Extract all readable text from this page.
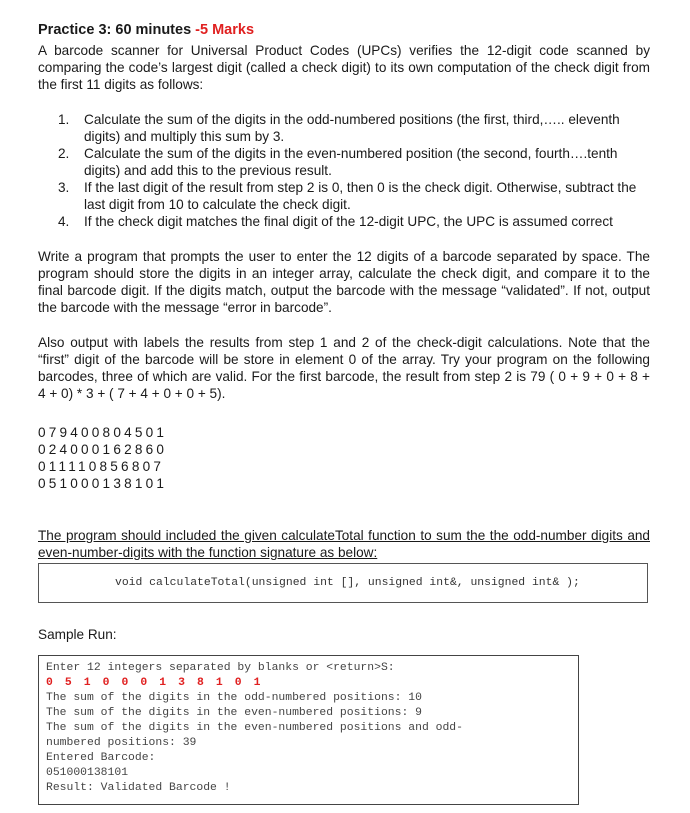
Practice 3: 60 minutes -5 Marks

A barcode scanner for Universal Product Codes (UPCs) verifies the 12-digit code scanned by comparing the code’s largest digit (called a check digit) to its own computation of the check digit from the first 11 digits as follows:

1. Calculate the sum of the digits in the odd-numbered positions (the first, third,….. eleventh digits) and multiply this sum by 3.
2. Calculate the sum of the digits in the even-numbered position (the second, fourth….tenth digits) and add this to the previous result.
3. If the last digit of the result from step 2 is 0, then 0 is the check digit. Otherwise, subtract the last digit from 10 to calculate the check digit.
4. If the check digit matches the final digit of the 12-digit UPC, the UPC is assumed correct

Write a program that prompts the user to enter the 12 digits of a barcode separated by space. The program should store the digits in an integer array, calculate the check digit, and compare it to the final barcode digit. If the digits match, output the barcode with the message “validated”. If not, output the barcode with the message “error in barcode”.

Also output with labels the results from step 1 and 2 of the check-digit calculations. Note that the “first” digit of the barcode will be store in element 0 of the array. Try your program on the following barcodes, three of which are valid. For the first barcode, the result from step 2 is 79 ( 0 + 9 + 0 + 8 + 4 + 0) * 3 + ( 7 + 4 + 0 + 0 + 5).

079400804501
024000162860
011110856807
051000138101

The program should included the given calculateTotal function to sum the the odd-number digits and even-number-digits with the function signature as below:

void calculateTotal(unsigned int [], unsigned int&, unsigned int& );
Sample Run:
Enter 12 integers separated by blanks or <return>S:
0 5 1 0 0 0 1 3 8 1 0 1
The sum of the digits in the odd-numbered positions: 10
The sum of the digits in the even-numbered positions: 9
The sum of the digits in the even-numbered positions and odd-
numbered positions: 39
Entered Barcode:
051000138101
Result: Validated Barcode !
